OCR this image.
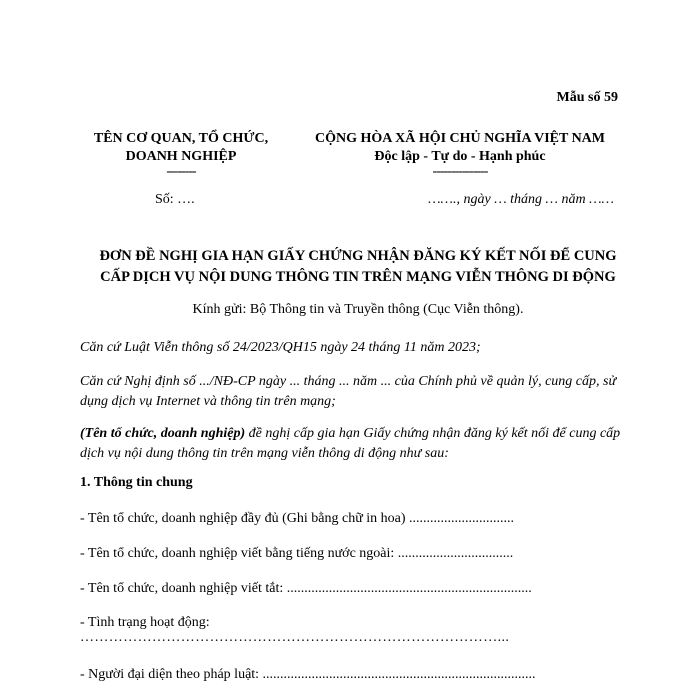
Mẫu số 59
TÊN CƠ QUAN, TỔ CHỨC,
DOANH NGHIỆP
--------
CỘNG HÒA XÃ HỘI CHỦ NGHĨA VIỆT NAM
Độc lập - Tự do - Hạnh phúc
---------------
Số: ….	……., ngày … tháng … năm ……
ĐƠN ĐỀ NGHỊ GIA HẠN GIẤY CHỨNG NHẬN ĐĂNG KÝ KẾT NỐI ĐỂ CUNG
CẤP DỊCH VỤ NỘI DUNG THÔNG TIN TRÊN MẠNG VIỄN THÔNG DI ĐỘNG
Kính gửi: Bộ Thông tin và Truyền thông (Cục Viễn thông).
Căn cứ Luật Viễn thông số 24/2023/QH15 ngày 24 tháng 11 năm 2023;
Căn cứ Nghị định số .../NĐ-CP ngày ... tháng ... năm ... của Chính phủ về quản lý, cung cấp, sử dụng dịch vụ Internet và thông tin trên mạng;
(Tên tổ chức, doanh nghiệp) đề nghị cấp gia hạn Giấy chứng nhận đăng ký kết nối để cung cấp dịch vụ nội dung thông tin trên mạng viễn thông di động như sau:
1. Thông tin chung
- Tên tổ chức, doanh nghiệp đầy đủ (Ghi bằng chữ in hoa) ..............................
- Tên tổ chức, doanh nghiệp viết bằng tiếng nước ngoài: .................................
- Tên tổ chức, doanh nghiệp viết tắt: ......................................................................
- Tình trạng hoạt động:
……………………………………………………………………………...
- Người đại diện theo pháp luật: ..............................................................................
